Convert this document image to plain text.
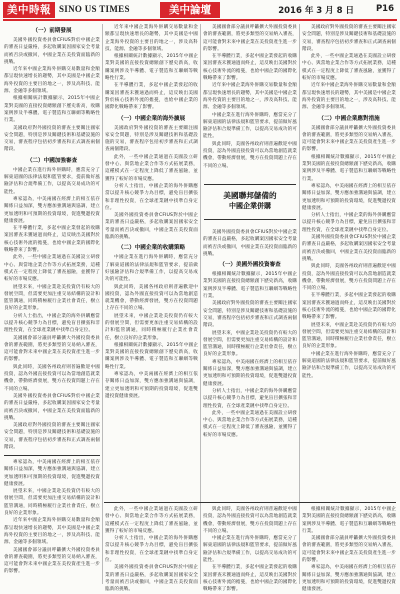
美中時報 SINO US TIMES	美中論壇	2016 年 3 月 8 日	P16
美國聯邦儲備的
中國企業併購
（一）前期發展

美國外國投資委員會CFIUS對於中國企業的審查日益嚴格，多起收購案因國家安全考量而被否決或撤回，中國企業在美投資面臨新的挑戰。

近年來中國企業海外併購交易數量和金額都呈現快速增長的趨勢，其中美國是中國企業海外投資的主要目的地之一，涉及高科技、能源、金融等多個領域。

根據相關統計數據顯示，2015年中國企業對美國的直接投資總額創下歷史新高，收購案例涉及半導體、電子製造和互聯網等戰略性行業。

美國政府對外國投資的審查主要關注國家安全問題，特別是涉及關鍵技術和基礎設施的交易，審查程序包括初步審查和正式調查兩個階段。

（二）中國加強審查

中國企業在進行海外併購時，應當充分了解東道國的法律法規和監管要求，提前做好風險評估和合規準備工作，以提高交易成功的可能性。

專家認為，中美兩國在經濟上的相互依存關係日益加深，雙方應加強溝通與協調，建立更加透明和可預期的投資環境，促進雙邊投資健康發展。

在半導體行業，多起中國企業發起的收購案因審查未獲通過而終止，這反映出美國對於核心技術外流的擔憂，也給中國企業的國際化戰略帶來了影響。

此外，一些中國企業通過在美國設立研發中心、與當地企業合作等方式拓展業務，這種模式在一定程度上降低了審查風險，並獲得了較好的市場反應。

展望未來，中國企業赴美投資仍有較大的發展空間，但需要更加注重交易結構的設計和監管溝通，同時積極履行企業社會責任，樹立良好的企業形象。

分析人士指出，中國企業的海外併購應當以提升核心競爭力為目標，避免盲目擴張和非理性投資，在全球產業鏈中找準自身定位。

美國國會部分議員呼籲擴大外國投資委員會的審查範圍，將更多類型的交易納入審查，這可能會對未來中國企業在美投資產生進一步的影響。

與此同時，美國各州政府則普遍歡迎中國投資，認為外國直接投資可以為當地創造就業機會，帶動經濟發展，雙方在投資問題上存在不同的立場。

美國外國投資委員會CFIUS對於中國企業的審查日益嚴格，多起收購案因國家安全考量而被否決或撤回，中國企業在美投資面臨新的挑戰。

美國政府對外國投資的審查主要關注國家安全問題，特別是涉及關鍵技術和基礎設施的交易，審查程序包括初步審查和正式調查兩個階段。

專家認為，中美兩國在經濟上的相互依存關係日益加深，雙方應加強溝通與協調，建立更加透明和可預期的投資環境，促進雙邊投資健康發展。

展望未來，中國企業赴美投資仍有較大的發展空間，但需要更加注重交易結構的設計和監管溝通，同時積極履行企業社會責任，樹立良好的企業形象。

近年來中國企業海外併購交易數量和金額都呈現快速增長的趨勢，其中美國是中國企業海外投資的主要目的地之一，涉及高科技、能源、金融等多個領域。

美國國會部分議員呼籲擴大外國投資委員會的審查範圍，將更多類型的交易納入審查，這可能會對未來中國企業在美投資產生進一步的影響。

近年來中國企業海外併購交易數量和金額都呈現快速增長的趨勢，其中美國是中國企業海外投資的主要目的地之一，涉及高科技、能源、金融等多個領域。

根據相關統計數據顯示，2015年中國企業對美國的直接投資總額創下歷史新高，收購案例涉及半導體、電子製造和互聯網等戰略性行業。

在半導體行業，多起中國企業發起的收購案因審查未獲通過而終止，這反映出美國對於核心技術外流的擔憂，也給中國企業的國際化戰略帶來了影響。

（一）中國企業的海外擴展

美國政府對外國投資的審查主要關注國家安全問題，特別是涉及關鍵技術和基礎設施的交易，審查程序包括初步審查和正式調查兩個階段。

此外，一些中國企業通過在美國設立研發中心、與當地企業合作等方式拓展業務，這種模式在一定程度上降低了審查風險，並獲得了較好的市場反應。

分析人士指出，中國企業的海外併購應當以提升核心競爭力為目標，避免盲目擴張和非理性投資，在全球產業鏈中找準自身定位。

美國外國投資委員會CFIUS對於中國企業的審查日益嚴格，多起收購案因國家安全考量而被否決或撤回，中國企業在美投資面臨新的挑戰。

（二）中國企業的收購策略

中國企業在進行海外併購時，應當充分了解東道國的法律法規和監管要求，提前做好風險評估和合規準備工作，以提高交易成功的可能性。

與此同時，美國各州政府則普遍歡迎中國投資，認為外國直接投資可以為當地創造就業機會，帶動經濟發展，雙方在投資問題上存在不同的立場。

展望未來，中國企業赴美投資仍有較大的發展空間，但需要更加注重交易結構的設計和監管溝通，同時積極履行企業社會責任，樹立良好的企業形象。

根據相關統計數據顯示，2015年中國企業對美國的直接投資總額創下歷史新高，收購案例涉及半導體、電子製造和互聯網等戰略性行業。

專家認為，中美兩國在經濟上的相互依存關係日益加深，雙方應加強溝通與協調，建立更加透明和可預期的投資環境，促進雙邊投資健康發展。

此外，一些中國企業通過在美國設立研發中心、與當地企業合作等方式拓展業務，這種模式在一定程度上降低了審查風險，並獲得了較好的市場反應。

分析人士指出，中國企業的海外併購應當以提升核心競爭力為目標，避免盲目擴張和非理性投資，在全球產業鏈中找準自身定位。

美國外國投資委員會CFIUS對於中國企業的審查日益嚴格，多起收購案因國家安全考量而被否決或撤回，中國企業在美投資面臨新的挑戰。

美國國會部分議員呼籲擴大外國投資委員會的審查範圍，將更多類型的交易納入審查，這可能會對未來中國企業在美投資產生進一步的影響。

在半導體行業，多起中國企業發起的收購案因審查未獲通過而終止，這反映出美國對於核心技術外流的擔憂，也給中國企業的國際化戰略帶來了影響。

近年來中國企業海外併購交易數量和金額都呈現快速增長的趨勢，其中美國是中國企業海外投資的主要目的地之一，涉及高科技、能源、金融等多個領域。

中國企業在進行海外併購時，應當充分了解東道國的法律法規和監管要求，提前做好風險評估和合規準備工作，以提高交易成功的可能性。

與此同時，美國各州政府則普遍歡迎中國投資，認為外國直接投資可以為當地創造就業機會，帶動經濟發展，雙方在投資問題上存在不同的立場。

美國外國投資委員會CFIUS對於中國企業的審查日益嚴格，多起收購案因國家安全考量而被否決或撤回，中國企業在美投資面臨新的挑戰。

（一）美國外國投資審查

根據相關統計數據顯示，2015年中國企業對美國的直接投資總額創下歷史新高，收購案例涉及半導體、電子製造和互聯網等戰略性行業。

美國政府對外國投資的審查主要關注國家安全問題，特別是涉及關鍵技術和基礎設施的交易，審查程序包括初步審查和正式調查兩個階段。

展望未來，中國企業赴美投資仍有較大的發展空間，但需要更加注重交易結構的設計和監管溝通，同時積極履行企業社會責任，樹立良好的企業形象。

專家認為，中美兩國在經濟上的相互依存關係日益加深，雙方應加強溝通與協調，建立更加透明和可預期的投資環境，促進雙邊投資健康發展。

分析人士指出，中國企業的海外併購應當以提升核心競爭力為目標，避免盲目擴張和非理性投資，在全球產業鏈中找準自身定位。

此外，一些中國企業通過在美國設立研發中心、與當地企業合作等方式拓展業務，這種模式在一定程度上降低了審查風險，並獲得了較好的市場反應。

與此同時，美國各州政府則普遍歡迎中國投資，認為外國直接投資可以為當地創造就業機會，帶動經濟發展，雙方在投資問題上存在不同的立場。

中國企業在進行海外併購時，應當充分了解東道國的法律法規和監管要求，提前做好風險評估和合規準備工作，以提高交易成功的可能性。

在半導體行業，多起中國企業發起的收購案因審查未獲通過而終止，這反映出美國對於核心技術外流的擔憂，也給中國企業的國際化戰略帶來了影響。

美國政府對外國投資的審查主要關注國家安全問題，特別是涉及關鍵技術和基礎設施的交易，審查程序包括初步審查和正式調查兩個階段。

此外，一些中國企業通過在美國設立研發中心、與當地企業合作等方式拓展業務，這種模式在一定程度上降低了審查風險，並獲得了較好的市場反應。

近年來中國企業海外併購交易數量和金額都呈現快速增長的趨勢，其中美國是中國企業海外投資的主要目的地之一，涉及高科技、能源、金融等多個領域。

（二）中國企業應對措施

美國國會部分議員呼籲擴大外國投資委員會的審查範圍，將更多類型的交易納入審查，這可能會對未來中國企業在美投資產生進一步的影響。

根據相關統計數據顯示，2015年中國企業對美國的直接投資總額創下歷史新高，收購案例涉及半導體、電子製造和互聯網等戰略性行業。

專家認為，中美兩國在經濟上的相互依存關係日益加深，雙方應加強溝通與協調，建立更加透明和可預期的投資環境，促進雙邊投資健康發展。

分析人士指出，中國企業的海外併購應當以提升核心競爭力為目標，避免盲目擴張和非理性投資，在全球產業鏈中找準自身定位。

美國外國投資委員會CFIUS對於中國企業的審查日益嚴格，多起收購案因國家安全考量而被否決或撤回，中國企業在美投資面臨新的挑戰。

與此同時，美國各州政府則普遍歡迎中國投資，認為外國直接投資可以為當地創造就業機會，帶動經濟發展，雙方在投資問題上存在不同的立場。

在半導體行業，多起中國企業發起的收購案因審查未獲通過而終止，這反映出美國對於核心技術外流的擔憂，也給中國企業的國際化戰略帶來了影響。

展望未來，中國企業赴美投資仍有較大的發展空間，但需要更加注重交易結構的設計和監管溝通，同時積極履行企業社會責任，樹立良好的企業形象。

中國企業在進行海外併購時，應當充分了解東道國的法律法規和監管要求，提前做好風險評估和合規準備工作，以提高交易成功的可能性。

根據相關統計數據顯示，2015年中國企業對美國的直接投資總額創下歷史新高，收購案例涉及半導體、電子製造和互聯網等戰略性行業。

美國國會部分議員呼籲擴大外國投資委員會的審查範圍，將更多類型的交易納入審查，這可能會對未來中國企業在美投資產生進一步的影響。

專家認為，中美兩國在經濟上的相互依存關係日益加深，雙方應加強溝通與協調，建立更加透明和可預期的投資環境，促進雙邊投資健康發展。
